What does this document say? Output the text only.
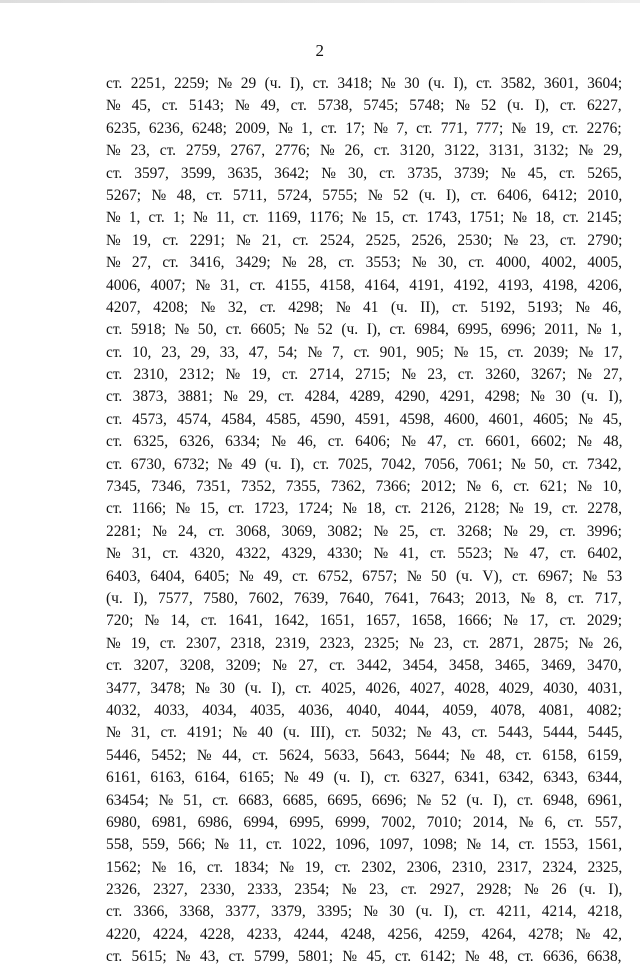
2
ст. 2251, 2259; № 29 (ч. I), ст. 3418; № 30 (ч. I), ст. 3582, 3601, 3604;
№ 45, ст. 5143; № 49, ст. 5738, 5745; 5748; № 52 (ч. I), ст. 6227,
6235, 6236, 6248; 2009, № 1, ст. 17; № 7, ст. 771, 777; № 19, ст. 2276;
№ 23, ст. 2759, 2767, 2776; № 26, ст. 3120, 3122, 3131, 3132; № 29,
ст. 3597, 3599, 3635, 3642; № 30, ст. 3735, 3739; № 45, ст. 5265,
5267; № 48, ст. 5711, 5724, 5755; № 52 (ч. I), ст. 6406, 6412; 2010,
№ 1, ст. 1; № 11, ст. 1169, 1176; № 15, ст. 1743, 1751; № 18, ст. 2145;
№ 19, ст. 2291; № 21, ст. 2524, 2525, 2526, 2530; № 23, ст. 2790;
№ 27, ст. 3416, 3429; № 28, ст. 3553; № 30, ст. 4000, 4002, 4005,
4006, 4007; № 31, ст. 4155, 4158, 4164, 4191, 4192, 4193, 4198, 4206,
4207, 4208; № 32, ст. 4298; № 41 (ч. II), ст. 5192, 5193; № 46,
ст. 5918; № 50, ст. 6605; № 52 (ч. I), ст. 6984, 6995, 6996; 2011, № 1,
ст. 10, 23, 29, 33, 47, 54; № 7, ст. 901, 905; № 15, ст. 2039; № 17,
ст. 2310, 2312; № 19, ст. 2714, 2715; № 23, ст. 3260, 3267; № 27,
ст. 3873, 3881; № 29, ст. 4284, 4289, 4290, 4291, 4298; № 30 (ч. I),
ст. 4573, 4574, 4584, 4585, 4590, 4591, 4598, 4600, 4601, 4605; № 45,
ст. 6325, 6326, 6334; № 46, ст. 6406; № 47, ст. 6601, 6602; № 48,
ст. 6730, 6732; № 49 (ч. I), ст. 7025, 7042, 7056, 7061; № 50, ст. 7342,
7345, 7346, 7351, 7352, 7355, 7362, 7366; 2012; № 6, ст. 621; № 10,
ст. 1166; № 15, ст. 1723, 1724; № 18, ст. 2126, 2128; № 19, ст. 2278,
2281; № 24, ст. 3068, 3069, 3082; № 25, ст. 3268; № 29, ст. 3996;
№ 31, ст. 4320, 4322, 4329, 4330; № 41, ст. 5523; № 47, ст. 6402,
6403, 6404, 6405; № 49, ст. 6752, 6757; № 50 (ч. V), ст. 6967; № 53
(ч. I), 7577, 7580, 7602, 7639, 7640, 7641, 7643; 2013, № 8, ст. 717,
720; № 14, ст. 1641, 1642, 1651, 1657, 1658, 1666; № 17, ст. 2029;
№ 19, ст. 2307, 2318, 2319, 2323, 2325; № 23, ст. 2871, 2875; № 26,
ст. 3207, 3208, 3209; № 27, ст. 3442, 3454, 3458, 3465, 3469, 3470,
3477, 3478; № 30 (ч. I), ст. 4025, 4026, 4027, 4028, 4029, 4030, 4031,
4032, 4033, 4034, 4035, 4036, 4040, 4044, 4059, 4078, 4081, 4082;
№ 31, ст. 4191; № 40 (ч. III), ст. 5032; № 43, ст. 5443, 5444, 5445,
5446, 5452; № 44, ст. 5624, 5633, 5643, 5644; № 48, ст. 6158, 6159,
6161, 6163, 6164, 6165; № 49 (ч. I), ст. 6327, 6341, 6342, 6343, 6344,
63454; № 51, ст. 6683, 6685, 6695, 6696; № 52 (ч. I), ст. 6948, 6961,
6980, 6981, 6986, 6994, 6995, 6999, 7002, 7010; 2014, № 6, ст. 557,
558, 559, 566; № 11, ст. 1022, 1096, 1097, 1098; № 14, ст. 1553, 1561,
1562; № 16, ст. 1834; № 19, ст. 2302, 2306, 2310, 2317, 2324, 2325,
2326, 2327, 2330, 2333, 2354; № 23, ст. 2927, 2928; № 26 (ч. I),
ст. 3366, 3368, 3377, 3379, 3395; № 30 (ч. I), ст. 4211, 4214, 4218,
4220, 4224, 4228, 4233, 4244, 4248, 4256, 4259, 4264, 4278; № 42,
ст. 5615; № 43, ст. 5799, 5801; № 45, ст. 6142; № 48, ст. 6636, 6638,
